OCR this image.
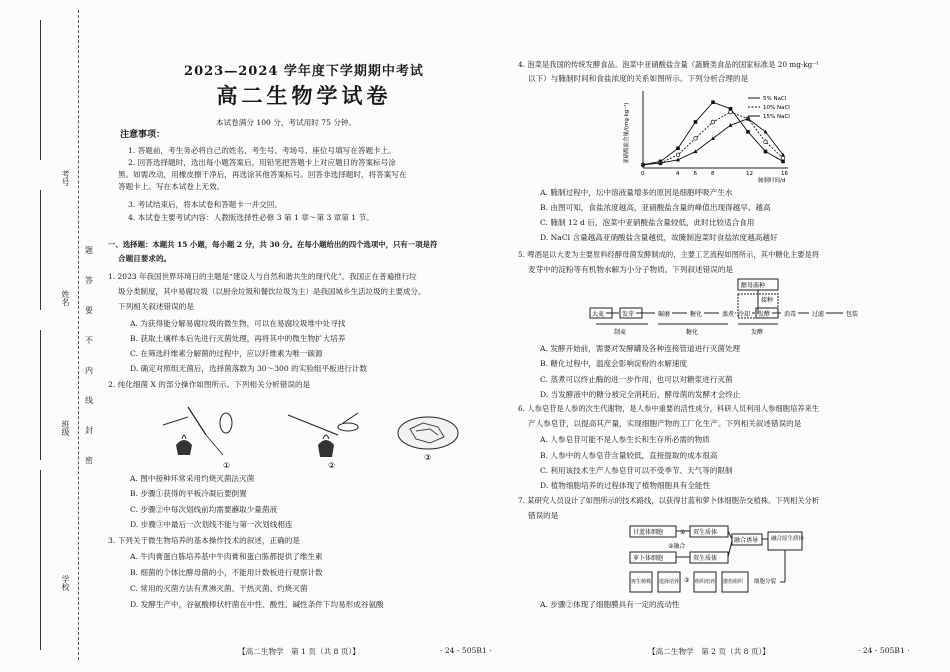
考号
姓名
班级
学校
密
封
线
内
不
要
答
题
2023—2024 学年度下学期期中考试
高二生物学试卷
本试卷满分 100 分，考试用时 75 分钟。
注意事项：
1. 答题前，考生务必将自己的姓名、考生号、考场号、座位号填写在答题卡上。
2. 回答选择题时，选出每小题答案后，用铅笔把答题卡上对应题目的答案标号涂
黑。如需改动，用橡皮擦干净后，再选涂其他答案标号。回答非选择题时，将答案写在
答题卡上。写在本试卷上无效。
3. 考试结束后，将本试卷和答题卡一并交回。
4. 本试卷主要考试内容：人教版选择性必修 3 第 1 章～第 3 章第 1 节。
一、选择题：本题共 15 小题，每小题 2 分，共 30 分。在每小题给出的四个选项中，只有一项是符
合题目要求的。
1. 2023 年我国世界环境日的主题是“建设人与自然和谐共生的现代化”。我国正在普遍推行垃
圾分类制度，其中易腐垃圾（以厨余垃圾和餐饮垃圾为主）是我国城乡生活垃圾的主要成分。
下列相关叙述错误的是
A. 为获得能分解易腐垃圾的微生物，可以在易腐垃圾堆中处寻找
B. 获取土壤样本后先进行灭菌处理，再将其中的微生物扩大培养
C. 在筛选纤维素分解菌的过程中，应以纤维素为唯一碳源
D. 确定对照组无菌后，选择菌落数为 30～300 的实验组平板进行计数
2. 纯化细菌 X 的部分操作如图所示。下列相关分析错误的是
①	②
③
A. 图中接种环常采用灼烧灭菌法灭菌
B. 步骤①获得的平板冷凝后要倒置
C. 步骤②中每次划线前均需要蘸取少量菌液
D. 步骤③中最后一次划线不能与第一次划线相连
3. 下列关于微生物培养的基本操作技术的叙述，正确的是
A. 牛肉膏蛋白胨培养基中牛肉膏和蛋白胨都提供了维生素
B. 细菌的个体比酵母菌的小，不能用计数板进行观察计数
C. 常用的灭菌方法有煮沸灭菌、干热灭菌、灼烧灭菌
D. 发酵生产中，谷氨酸棒状杆菌在中性、酸性、碱性条件下均易形成谷氨酸
【高二生物学　第 1 页（共 8 页）】	· 24 - 505B1 ·
4. 泡菜是我国的传统发酵食品。泡菜中亚硝酸盐含量（蔬腌类食品的国家标准是 20 mg·kg⁻¹
以下）与腌制时间和食盐浓度的关系如图所示。下列分析合理的是
亚硝酸盐含量/(mg·kg⁻¹)
腌制时间/d
0	4	6	8	12	16
5% NaCl
10% NaCl
15% NaCl
A. 腌制过程中，坛中溶液量增多的原因是细胞呼吸产生水
B. 由图可知，食盐浓度越高，亚硝酸盐含量的峰值出现得越早、越高
C. 腌制 12 d 后，泡菜中亚硝酸盐含量较低，此时比较适合食用
D. NaCl 含量越高亚硝酸盐含量越低，故腌制泡菜时食盐浓度越高越好
5. 啤酒是以大麦为主要原料经酵母菌发酵制成的，主要工艺流程如图所示，其中糖化主要是将
麦芽中的淀粉等有机物水解为小分子物质。下列叙述错误的是
酵母菌种
接种
大麦	发芽	碾磨	糖化	蒸煮 冷却 发酵 消毒	过滤	包装
制麦	糖化	发酵
A. 发酵开始前，需要对发酵罐及各种连接管道进行灭菌处理
B. 糖化过程中，温度会影响淀粉的水解速度
C. 蒸煮可以终止酶的进一步作用，也可以对糖浆进行灭菌
D. 当发酵液中的糖分被完全消耗后，酵母菌的发酵才会终止
6. 人参皂苷是人参的次生代谢物，是人参中重要的活性成分，科研人员利用人参细胞培养来生
产人参皂苷，以提高其产量，实现细胞产物的工厂化生产。下列相关叙述错误的是
A. 人参皂苷可能不是人参生长和生存所必需的物质
B. 人参中的人参皂苷含量较低，直接提取的成本很高
C. 利用该技术生产人参皂苷可以不受季节、天气等的限制
D. 植物细胞培养的过程体现了植物细胞具有全能性
7. 某研究人员设计了如图所示的技术路线，以获得甘蓝和萝卜体细胞杂交植株。下列相关分析
错误的是
甘蓝体细胞
萝卜体细胞
① 双生质体
双生质体
②融合
融合诱导 融合原生质体
再生植株 选择培养 ③ 组织培养 愈伤组织 细胞分裂
A. 步骤②体现了细胞膜具有一定的流动性
【高二生物学　第 2 页（共 8 页）】	· 24 - 505B1 ·
